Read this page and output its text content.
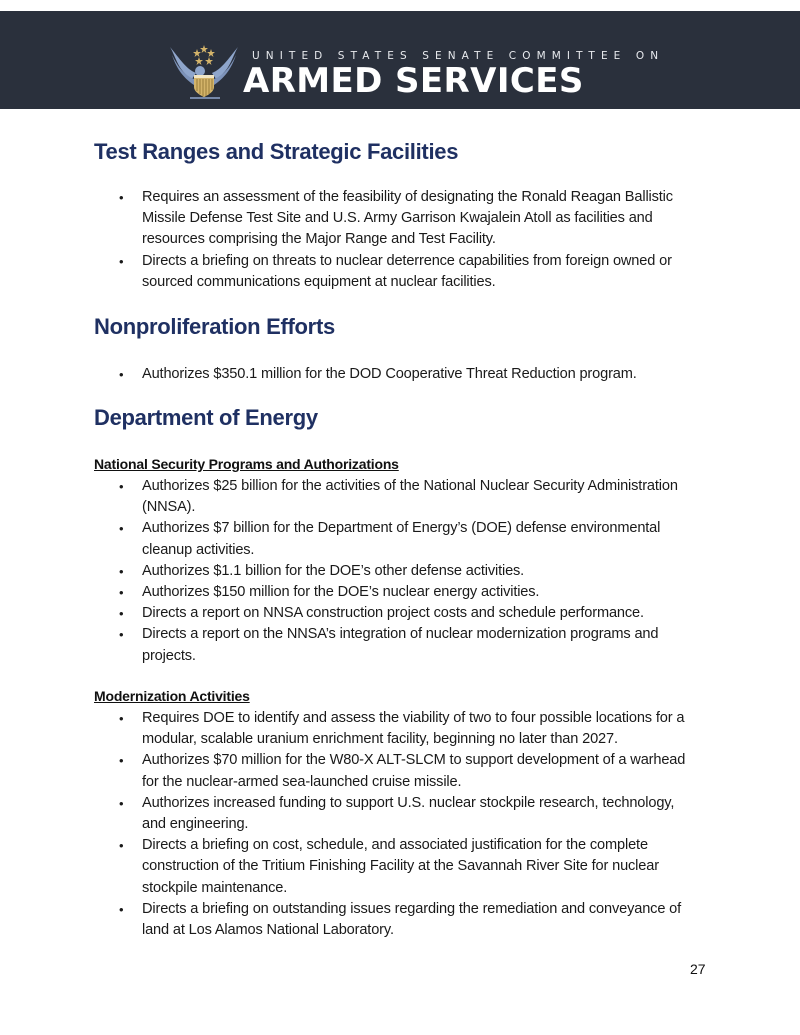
UNITED STATES SENATE COMMITTEE ON
ARMED SERVICES
Test Ranges and Strategic Facilities
• Requires an assessment of the feasibility of designating the Ronald Reagan Ballistic Missile Defense Test Site and U.S. Army Garrison Kwajalein Atoll as facilities and resources comprising the Major Range and Test Facility.
• Directs a briefing on threats to nuclear deterrence capabilities from foreign owned or sourced communications equipment at nuclear facilities.
Nonproliferation Efforts
• Authorizes $350.1 million for the DOD Cooperative Threat Reduction program.
Department of Energy
National Security Programs and Authorizations
• Authorizes $25 billion for the activities of the National Nuclear Security Administration (NNSA).
• Authorizes $7 billion for the Department of Energy’s (DOE) defense environmental cleanup activities.
• Authorizes $1.1 billion for the DOE’s other defense activities.
• Authorizes $150 million for the DOE’s nuclear energy activities.
• Directs a report on NNSA construction project costs and schedule performance.
• Directs a report on the NNSA’s integration of nuclear modernization programs and projects.
Modernization Activities
• Requires DOE to identify and assess the viability of two to four possible locations for a modular, scalable uranium enrichment facility, beginning no later than 2027.
• Authorizes $70 million for the W80-X ALT-SLCM to support development of a warhead for the nuclear-armed sea-launched cruise missile.
• Authorizes increased funding to support U.S. nuclear stockpile research, technology, and engineering.
• Directs a briefing on cost, schedule, and associated justification for the complete construction of the Tritium Finishing Facility at the Savannah River Site for nuclear stockpile maintenance.
• Directs a briefing on outstanding issues regarding the remediation and conveyance of land at Los Alamos National Laboratory.
27
